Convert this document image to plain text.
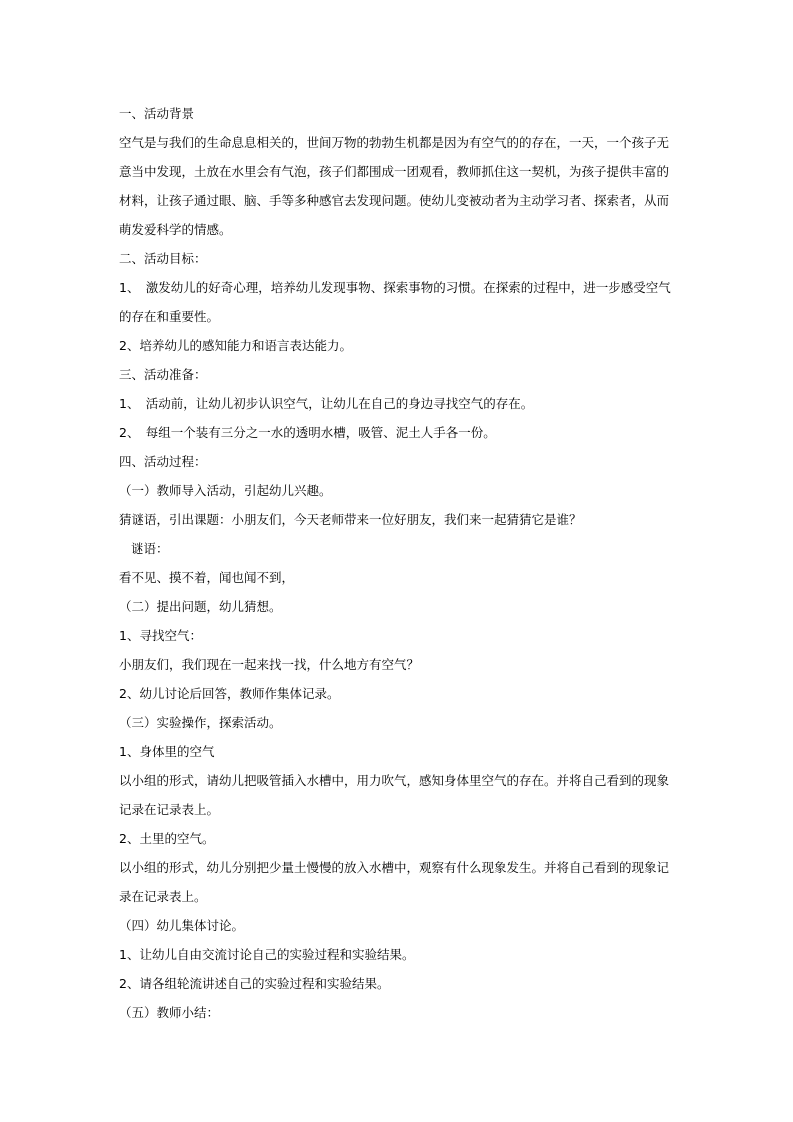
一、活动背景

空气是与我们的生命息息相关的，世间万物的勃勃生机都是因为有空气的的存在，一天，一个孩子无意当中发现，土放在水里会有气泡，孩子们都围成一团观看，教师抓住这一契机，为孩子提供丰富的材料，让孩子通过眼、脑、手等多种感官去发现问题。使幼儿变被动者为主动学习者、探索者，从而萌发爱科学的情感。

二、活动目标：

1、　激发幼儿的好奇心理，培养幼儿发现事物、探索事物的习惯。在探索的过程中，进一步感受空气的存在和重要性。

2、培养幼儿的感知能力和语言表达能力。

三、活动准备：

1、　活动前，让幼儿初步认识空气，让幼儿在自己的身边寻找空气的存在。

2、　每组一个装有三分之一水的透明水槽，吸管、泥土人手各一份。

四、活动过程：

（一）教师导入活动，引起幼儿兴趣。

猜谜语，引出课题：小朋友们，今天老师带来一位好朋友，我们来一起猜猜它是谁？

谜语：

看不见、摸不着，闻也闻不到，

（二）提出问题，幼儿猜想。

1、寻找空气：

小朋友们，我们现在一起来找一找，什么地方有空气？

2、幼儿讨论后回答，教师作集体记录。

（三）实验操作，探索活动。

1、身体里的空气

以小组的形式，请幼儿把吸管插入水槽中，用力吹气，感知身体里空气的存在。并将自己看到的现象记录在记录表上。

2、土里的空气。

以小组的形式，幼儿分别把少量土慢慢的放入水槽中，观察有什么现象发生。并将自己看到的现象记录在记录表上。

（四）幼儿集体讨论。

1、让幼儿自由交流讨论自己的实验过程和实验结果。

2、请各组轮流讲述自己的实验过程和实验结果。

（五）教师小结：
